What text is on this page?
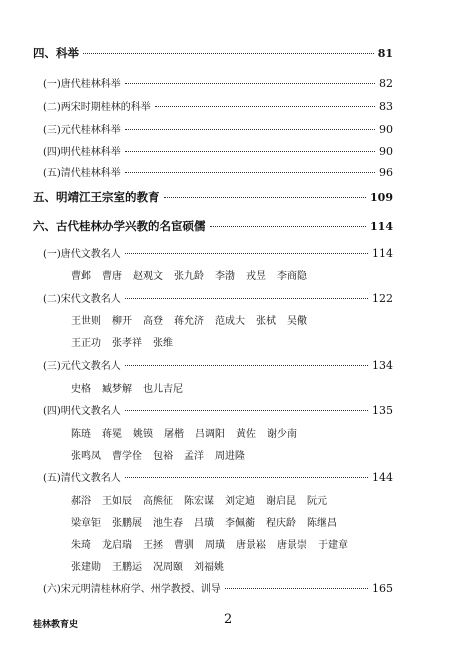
四、科举	81
(一)唐代桂林科举	82
(二)两宋时期桂林的科举	83
(三)元代桂林科举	90
(四)明代桂林科举	90
(五)清代桂林科举	96
五、明靖江王宗室的教育	109
六、古代桂林办学兴教的名宦硕儒	114
(一)唐代文教名人	114
曹邺 曹唐 赵观文 张九龄 李渤 戎昱 李商隐
(二)宋代文教名人	122
王世则 柳开 高登 蒋允济 范成大 张栻 吴儆
王正功 张孝祥 张维
(三)元代文教名人	134
史格 臧梦解 也儿吉尼
(四)明代文教名人	135
陈琏 蒋冕 姚镆 屠楷 吕调阳 黄佐 谢少南
张鸣凤 曹学佺 包裕 孟洋 周进隆
(五)清代文教名人	144
郝浴 王如辰 高熊征 陈宏谋 刘定逌 谢启昆 阮元
梁章钜 张鹏展 池生春 吕璜 李佩蘅 程庆龄 陈继昌
朱琦 龙启瑞 王拯 曹驯 周璜 唐景崧 唐景崇 于建章
张建勋 王鹏运 况周颐 刘福姚
(六)宋元明清桂林府学、州学教授、训导	165
桂林教育史	2
